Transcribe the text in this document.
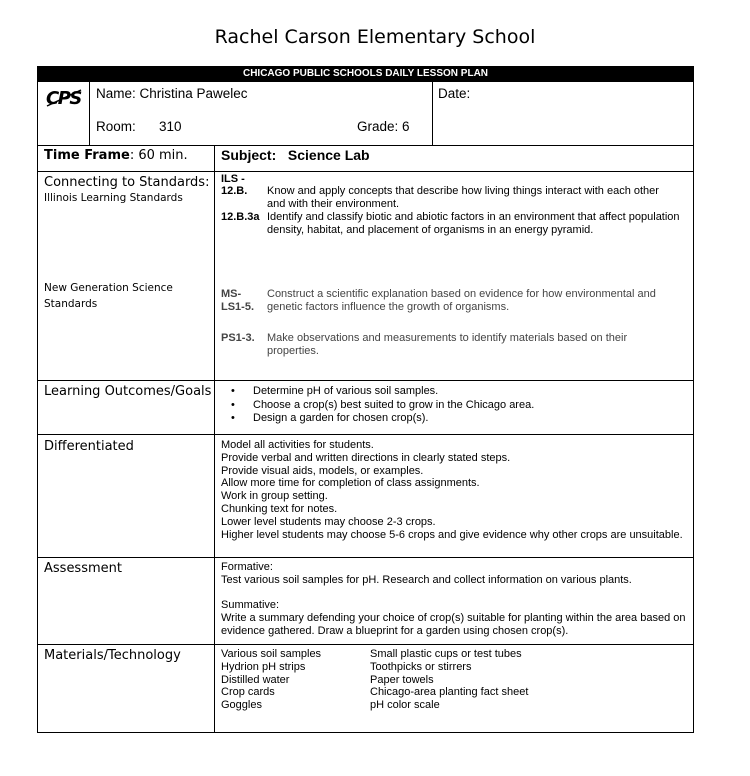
Rachel Carson Elementary School
CHICAGO PUBLIC SCHOOLS DAILY LESSON PLAN
CPS Name: Christina Pawelec	Date:
Room: 310	Grade: 6
Time Frame: 60 min. Subject: Science Lab
Connecting to Standards:
Illinois Learning Standards
New Generation Science
Standards
ILS -
12.B. Know and apply concepts that describe how living things interact with each other
and with their environment.
12.B.3a Identify and classify biotic and abiotic factors in an environment that affect population
density, habitat, and placement of organisms in an energy pyramid.
MS-
LS1-5.
Construct a scientific explanation based on evidence for how environmental and
genetic factors influence the growth of organisms.
PS1-3. Make observations and measurements to identify materials based on their
properties.
Learning Outcomes/Goals
•	Determine pH of various soil samples.
• Choose a crop(s) best suited to grow in the Chicago area.
• Design a garden for chosen crop(s).
Differentiated	Model all activities for students.
Provide verbal and written directions in clearly stated steps.
Provide visual aids, models, or examples.
Allow more time for completion of class assignments.
Work in group setting.
Chunking text for notes.
Lower level students may choose 2-3 crops.
Higher level students may choose 5-6 crops and give evidence why other crops are unsuitable.
Assessment	Formative:
Test various soil samples for pH. Research and collect information on various plants.
Summative:
Write a summary defending your choice of crop(s) suitable for planting within the area based on
evidence gathered. Draw a blueprint for a garden using chosen crop(s).
Materials/Technology	Various soil samples
Hydrion pH strips
Distilled water
Crop cards
Goggles
Small plastic cups or test tubes
Toothpicks or stirrers
Paper towels
Chicago-area planting fact sheet
pH color scale
